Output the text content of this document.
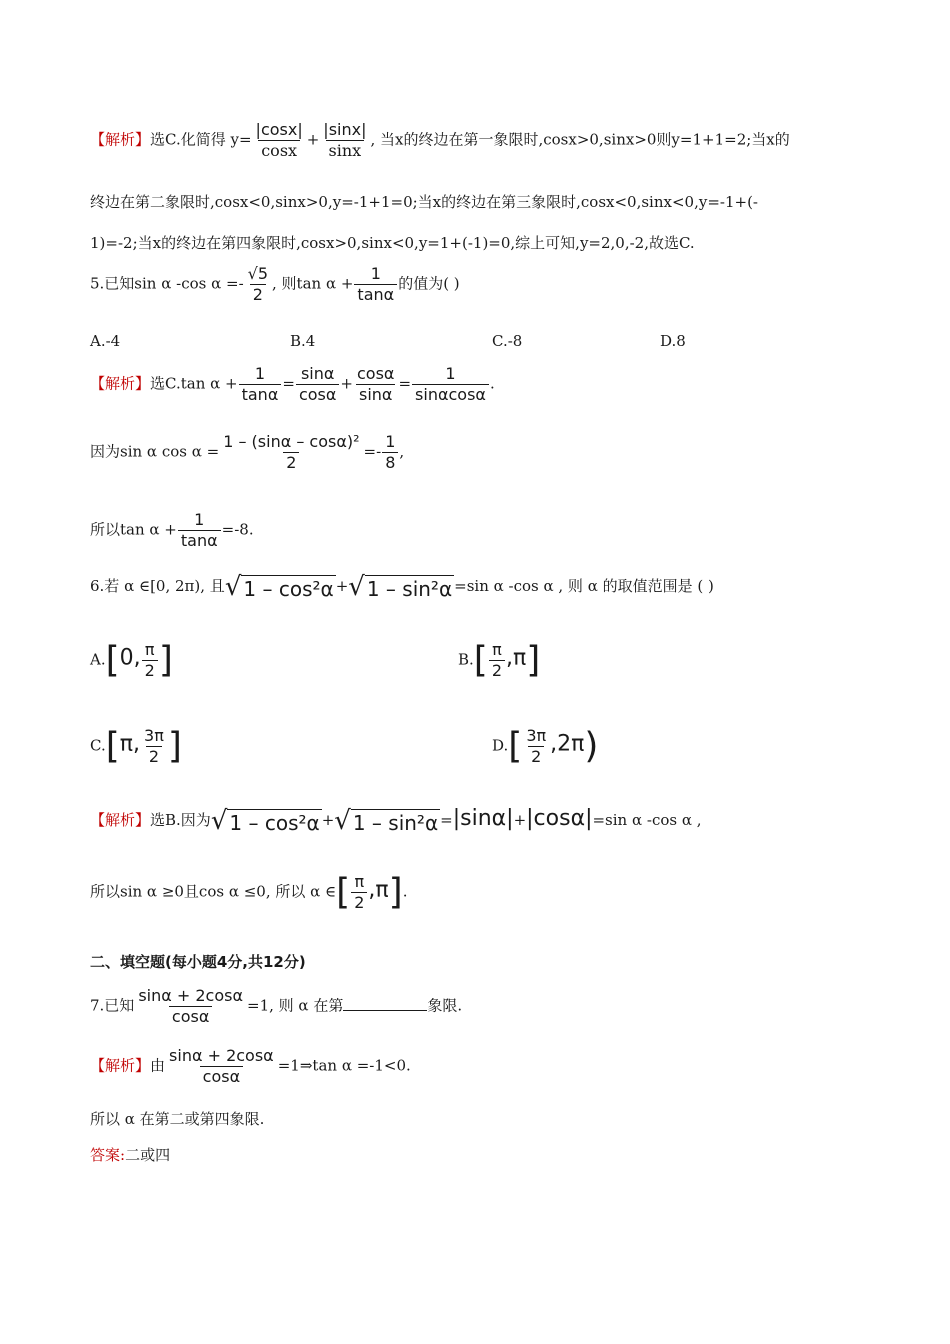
【解析】选C.化简得 $y= \frac{|\cos x|}{\cos x} + \frac{|\sin x|}{\sin x}$ , 当x的终边在第一象限时,cosx>0,sinx>0则y=1+1=2;当x的
终边在第二象限时,cosx<0,sinx>0,y=-1+1=0;当x的终边在第三象限时,cosx<0,sinx<0,y=-1+(-
1)=-2;当x的终边在第四象限时,cosx>0,sinx<0,y=1+(-1)=0,综上可知,y=2,0,-2,故选C.
5.已知sin α -cos $\alpha =- \frac{√5}{2}$ , 则$\tan \alpha + \frac{1}{\tan\alpha}$ 的值为( )
A.-4	B.4	C.-8	D.8
【解析】选C.tan $\alpha + \frac{1}{\tan\alpha} = \frac{\sin\alpha}{\cos\alpha} + \frac{\cos\alpha}{\sin\alpha} = \frac{1}{\sin\alpha\cos\alpha}$ .
因为sin α $\cos \alpha = \frac{\text{1 – (sinα – cosα)²}}{2} =- \frac{1}{8}$ ,
所以$\tan \alpha + \frac{1}{\tan\alpha} =-8$.
6.若 α ∈[0, 2π), 且 √ 1 – cos²α + √ 1 – sin²α =sin α -cos α , 则 α 的取值范围是 ( )
A.[0, $\frac{\pi}{2}$ ]	$B.[ \frac{\pi}{2} ,\pi]$
C.[π, $\frac{3\pi}{2}$ ]	$D.[ \frac{3\pi}{2} ,2\pi)$
【解析】选B.因为 √ 1 – cos²α + √ 1 – sin²α =|sinα|+|cosα|=sin α -cos α ,
所以sin α ≥0且cos α ≤0, 所以 α ∈[ $\frac{\pi}{2} ,\pi$].
二、填空题(每小题4分,共12分)
7.已知 $\frac{\sin\alpha + 2\cos\alpha}{\cos\alpha} =1$, 则 α 在第	象限.
【解析】由 $\frac{\sin\alpha + 2\cos\alpha}{\cos\alpha}$ =1⇒tan α =-1<0.
所以 α 在第二或第四象限.
答案:二或四
